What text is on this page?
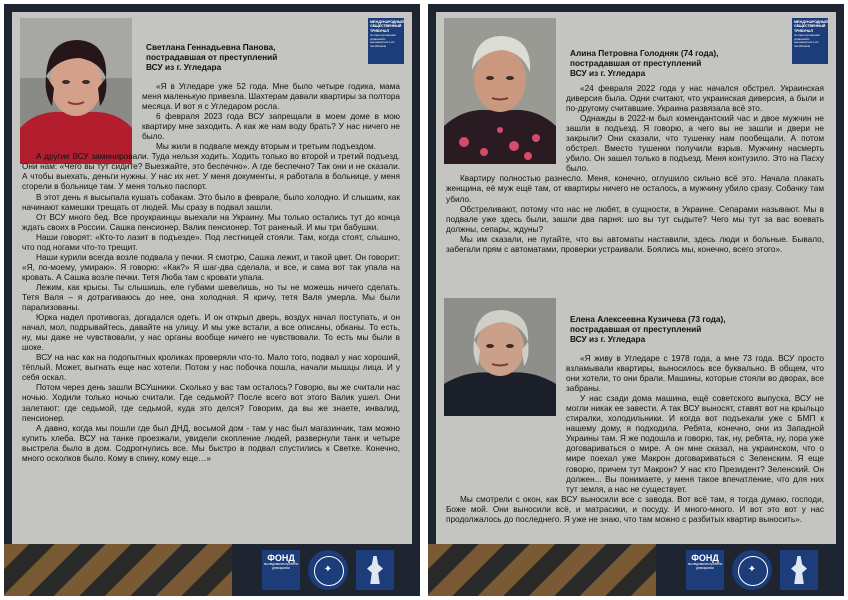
Светлана Геннадьевна Панова,
пострадавшая от преступлений
ВСУ из г. Угледара
МЕЖДУНАРОДНЫЙ ОБЩЕСТВЕННЫЙ ТРИБУНАЛ
по преступлениям украинских неонацистов и их пособников

«Я в Угледаре уже 52 года. Мне было четыре годика, мама меня маленькую привезла. Шахтерам давали квартиры за полтора месяца. И вот я с Угледаром росла.

6 февраля 2023 года ВСУ запрещали в моем доме в мою квартиру мне заходить. А как же нам воду брать? У нас ничего не было.

Мы жили в подвале между вторым и третьим подъездом.

А другие ВСУ заминировали. Туда нельзя ходить. Ходить только во второй и третий подъезд. Они нам: «Чего вы тут сидите? Выезжайте, это беспечно». А где беспечно? Так они и не сказали. А чтобы выехать, деньги нужны. У нас их нет. У меня документы, я работала в больнице, у меня сгорели в больнице там. У меня только паспорт.

В этот день я высыпала кушать собакам. Это было в феврале, было холодно. И слышим, как начинают камешки трещать от людей. Мы сразу в подвал зашли.

От ВСУ много бед. Все проукраинцы выехали на Украину. Мы только остались тут до конца ждать своих в России. Сашка пенсионер. Валик пенсионер. Тот раненый. И мы три бабушки.

Наши говорят: «Кто-то лазит в подъезде». Под лестницей стояли. Там, когда стоят, слышно, что под ногами что-то трещит.

Наши курили всегда возле подвала у печки. Я смотрю, Сашка лежит, и такой цвет. Он говорит: «Я, по-моему, умираю». Я говорю: «Как?» Я шаг-два сделала, и все, и сама вот так упала на кровать. А Сашка возле печки. Тетя Люба там с кровати упала.

Лежим, как крысы. Ты слышишь, еле губами шевелишь, но ты не можешь ничего сделать. Тетя Валя – я дотрагиваюсь до нее, она холодная. Я кричу, тетя Валя умерла. Мы были парализованы.

Юрка надел противогаз, догадался одеть. И он открыл дверь, воздух начал поступать, и он начал, мол, подрывайтесь, давайте на улицу. И мы уже встали, а все описаны, обканы. То есть, ну, мы даже не чувствовали, у нас органы вообще ничего не чувствовали. То есть мы были в шоке.

ВСУ на нас как на подопытных кроликах проверяли что-то. Мало того, подвал у нас хороший, тёплый. Может, выгнать еще нас хотели. Потом у нас побочка пошла, начали мышцы лица. И у себя оскал.

Потом через день зашли ВСУшники. Сколько у вас там осталось? Говорю, вы же считали нас ночью. Ходили только ночью считали. Где седьмой? После всего вот этого Валик ушел. Они залетают: где седьмой, где седьмой, куда это делся? Говорим, да вы же знаете, инвалид, пенсионер.

А давно, когда мы пошли где был ДНД, восьмой дом - там у нас был магазинчик, там можно купить хлеба. ВСУ на танке проезжали, увидели скопление людей, развернули танк и четыре выстрела было в дом. Содрогнулись все. Мы быстро в подвал спустились к Светке. Конечно, много осколков было. Кому в спину, кому еще…»

ФОНД
исследования проблем демократии	✦
Алина Петровна Голодняк (74 года),
пострадавшая от преступлений
ВСУ из г. Угледара
МЕЖДУНАРОДНЫЙ ОБЩЕСТВЕННЫЙ ТРИБУНАЛ
по преступлениям украинских неонацистов и их пособников

«24 февраля 2022 года у нас начался обстрел. Украинская диверсия была. Одни считают, что украинская диверсия, а были и по-другому считавшие. Украина развязала всё это.

Однажды в 2022-м был комендантский час и двое мужчин не зашли в подъезд. Я говорю, а чего вы не зашли и двери не закрыли? Они сказали, что тушенку нам пообещали. А потом обстрел. Вместо тушенки получили взрыв. Мужчину насмерть убило. Он зашел только в подъезд. Меня контузило. Это на Пасху было.

Квартиру полностью разнесло. Меня, конечно, оглушило сильно всё это. Начала плакать женщина, её муж ещё там, от квартиры ничего не осталось, а мужчину убило сразу. Собачку там убило.

Обстреливают, потому что нас не любят, в сущности, в Украине. Сепарами называют. Мы в подвале уже здесь были, зашли два парня: шо вы тут сыдыте? Чего мы тут за вас воевать должны, сепары, ждуны?

Мы им сказали, не пугайте, что вы автоматы наставили, здесь люди и больные. Бывало, забегали прям с автоматами, проверки устраивали. Боялись мы, конечно, всего этого».

Елена Алексеевна Кузичева (73 года),
пострадавшая от преступлений
ВСУ из г. Угледара

«Я живу в Угледаре с 1978 года, а мне 73 года. ВСУ просто взламывали квартиры, выносилось все буквально. В общем, что они хотели, то они брали. Машины, которые стояли во дворах, все забраны.

У нас сзади дома машина, ещё советского выпуска, ВСУ не могли никак ее завести. А так ВСУ выносят, ставят вот на крыльцо стиралки, холодильники. И когда вот подъехали уже с БМП к нашему дому, я подходила. Ребята, конечно, они из Западной Украины там. Я же подошла и говорю, так, ну, ребята, ну, пора уже договариваться о мире. А он мне сказал, на украинском, что о мире поехал уже Макрон договариваться с Зеленским. Я еще говорю, причем тут Макрон? У нас кто Президент? Зеленский. Он должен... Вы понимаете, у меня такое впечатление, что для них тут земля, а нас не существует.

Мы смотрели с окон, как ВСУ выносили все с завода. Вот всё там, я тогда думаю, господи, Боже мой. Они выносили всё, и матрасики, и посуду. И много-много. И вот это вот у нас продолжалось до последнего. Я уже не знаю, что там можно с разбитых квартир выносить».

ФОНД
исследования проблем демократии	✦
